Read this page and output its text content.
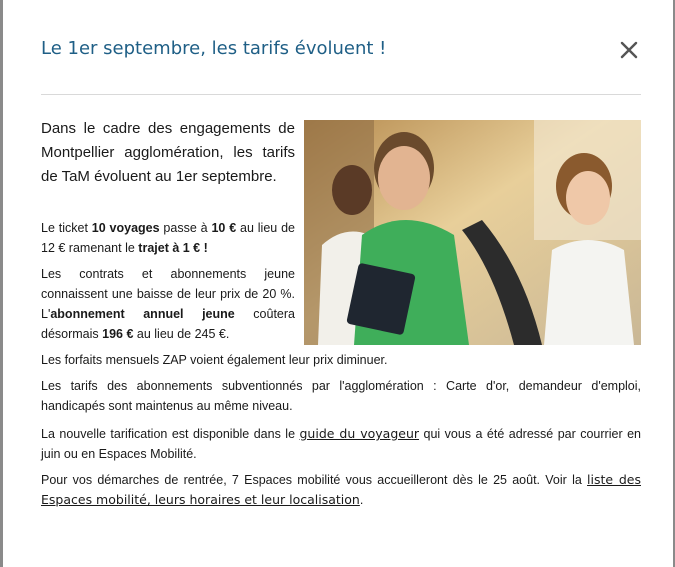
Le 1er septembre, les tarifs évoluent !

Dans le cadre des engagements de Montpellier agglomération, les tarifs de TaM évoluent au 1er septembre.

Le ticket 10 voyages passe à 10 € au lieu de 12 € ramenant le trajet à 1 € !

Les contrats et abonnements jeune connaissent une baisse de leur prix de 20 %. L'abonnement annuel jeune coûtera désormais 196 € au lieu de 245 €.

Les forfaits mensuels ZAP voient également leur prix diminuer.

Les tarifs des abonnements subventionnés par l'agglomération : Carte d'or, demandeur d'emploi, handicapés sont maintenus au même niveau.

La nouvelle tarification est disponible dans le guide du voyageur qui vous a été adressé par courrier en juin ou en Espaces Mobilité.

Pour vos démarches de rentrée, 7 Espaces mobilité vous accueilleront dès le 25 août. Voir la liste des Espaces mobilité, leurs horaires et leur localisation.
